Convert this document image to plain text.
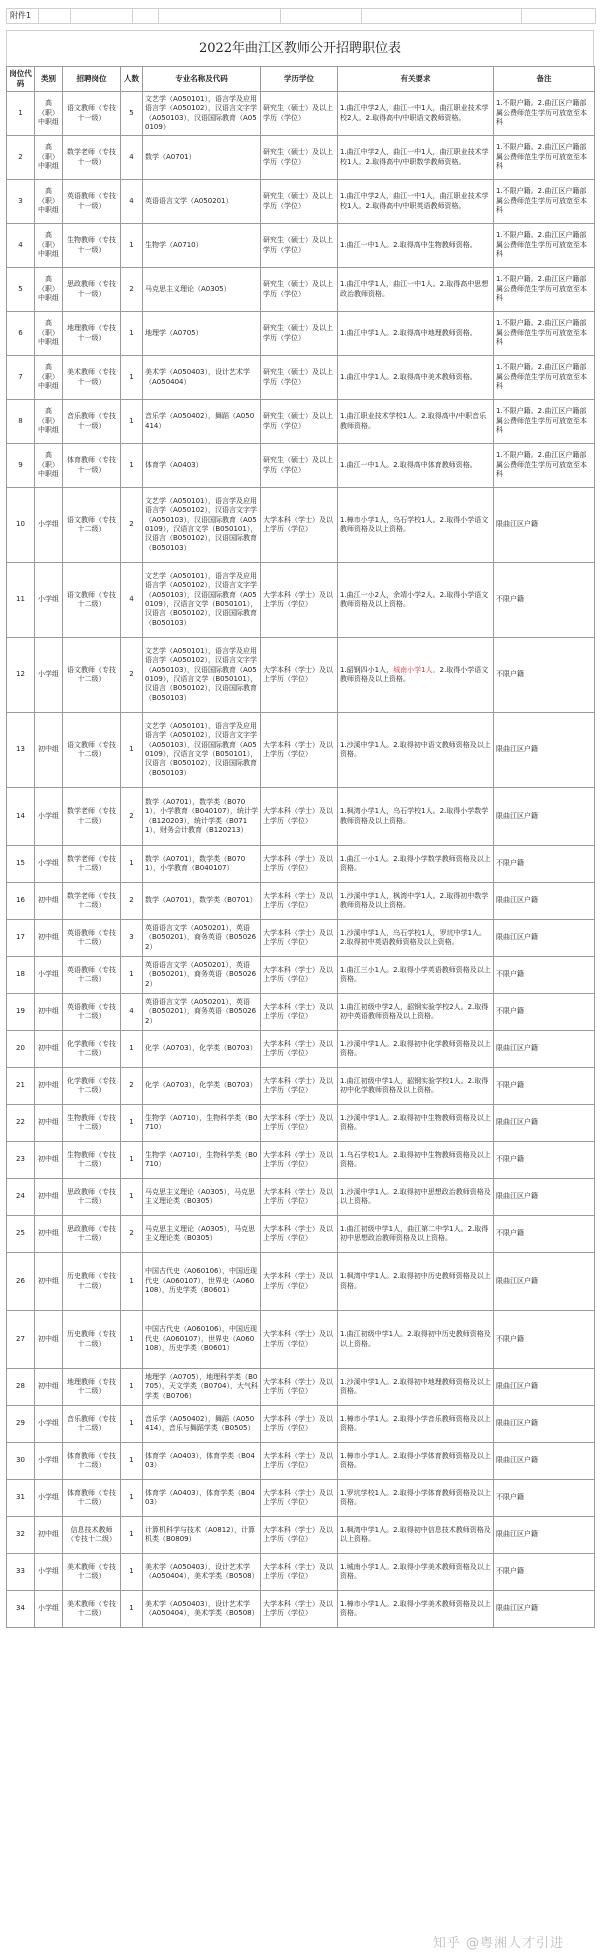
附件1
2022年曲江区教师公开招聘职位表
岗位代码	类别	招聘岗位	人数	专业名称及代码	学历学位	有关要求	备注
1	高（职）中职组	语文教师（专技十一级）	5	文艺学（A050101），语言学及应用语言学（A050102），汉语言文字学（A050103），汉语国际教育（A050109）	研究生（硕士）及以上学历（学位）	1.曲江中学2人，曲江一中1人，曲江职业技术学校2人。2.取得高中/中职语文教师资格。	1.不限户籍。2.曲江区户籍部属公费师范生学历可放宽至本科
2	高（职）中职组	数学老师（专技十一级）	4	数学（A0701）	研究生（硕士）及以上学历（学位）	1.曲江中学2人，曲江一中1人，曲江职业技术学校1人。2.取得高中/中职数学教师资格。	1.不限户籍。2.曲江区户籍部属公费师范生学历可放宽至本科
3	高（职）中职组	英语教师（专技十一级）	4	英语语言文学（A050201）	研究生（硕士）及以上学历（学位）	1.曲江中学2人，曲江一中1人，曲江职业技术学校1人。2.取得高中/中职英语教师资格。	1.不限户籍。2.曲江区户籍部属公费师范生学历可放宽至本科
4	高（职）中职组	生物教师（专技十一级）	1	生物学（A0710）	研究生（硕士）及以上学历（学位）	1.曲江一中1人。2.取得高中生物教师资格。	1.不限户籍。2.曲江区户籍部属公费师范生学历可放宽至本科
5	高（职）中职组	思政教师（专技十一级）	2	马克思主义理论（A0305）	研究生（硕士）及以上学历（学位）	1.曲江中学1人，曲江一中1人。2.取得高中思想政治教师资格。	1.不限户籍。2.曲江区户籍部属公费师范生学历可放宽至本科
6	高（职）中职组	地理教师（专技十一级）	1	地理学（A0705）	研究生（硕士）及以上学历（学位）	1.曲江中学1人。2.取得高中地理教师资格。	1.不限户籍。2.曲江区户籍部属公费师范生学历可放宽至本科
7	高（职）中职组	美术教师（专技十一级）	1	美术学（A050403），设计艺术学（A050404）	研究生（硕士）及以上学历（学位）	1.曲江中学1人。2.取得高中美术教师资格。	1.不限户籍。2.曲江区户籍部属公费师范生学历可放宽至本科
8	高（职）中职组	音乐教师（专技十一级）	1	音乐学（A050402），舞蹈（A050414）	研究生（硕士）及以上学历（学位）	1.曲江职业技术学校1人。2.取得高中/中职音乐教师资格。	1.不限户籍。2.曲江区户籍部属公费师范生学历可放宽至本科
9	高（职）中职组	体育教师（专技十一级）	1	体育学（A0403）	研究生（硕士）及以上学历（学位）	1.曲江一中1人。2.取得高中体育教师资格。	1.不限户籍。2.曲江区户籍部属公费师范生学历可放宽至本科
10	小学组	语文教师（专技十二级）	2	文艺学（A050101），语言学及应用语言学（A050102），汉语言文字学（A050103），汉语国际教育（A050109），汉语言文学（B050101），汉语言（B050102），汉语国际教育（B050103）	大学本科（学士）及以上学历（学位）	1.樟市小学1人，乌石学校1人。2.取得小学语文教师资格及以上资格。	限曲江区户籍
11	小学组	语文教师（专技十二级）	4	文艺学（A050101），语言学及应用语言学（A050102），汉语言文字学（A050103），汉语国际教育（A050109），汉语言文学（B050101），汉语言（B050102），汉语国际教育（B050103）	大学本科（学士）及以上学历（学位）	1.曲江一小2人，余靖小学2人。2.取得小学语文教师资格及以上资格。	不限户籍
12	小学组	语文教师（专技十二级）	2	文艺学（A050101），语言学及应用语言学（A050102），汉语言文字学（A050103），汉语国际教育（A050109），汉语言文学（B050101），汉语言（B050102），汉语国际教育（B050103）	大学本科（学士）及以上学历（学位）	1.韶钢四小1人，城南小学1人。2.取得小学语文教师资格及以上资格。	不限户籍
13	初中组	语文教师（专技十二级）	1	文艺学（A050101），语言学及应用语言学（A050102），汉语言文字学（A050103），汉语国际教育（A050109），汉语言文学（B050101），汉语言（B050102），汉语国际教育（B050103）	大学本科（学士）及以上学历（学位）	1.沙溪中学1人。2.取得初中语文教师资格及以上资格。	限曲江区户籍
14	小学组	数学老师（专技十二级）	2	数学（A0701），数学类（B0701），小学教育（B040107），统计学（B120203），统计学类（B0711），财务会计教育（B120213）	大学本科（学士）及以上学历（学位）	1.枫湾小学1人，乌石学校1人。2.取得小学数学教师资格及以上资格。	限曲江区户籍
15	小学组	数学老师（专技十二级）	1	数学（A0701），数学类（B0701），小学教育（B040107）	大学本科（学士）及以上学历（学位）	1.曲江一小1人。2.取得小学数学教师资格及以上资格。	不限户籍
16	初中组	数学老师（专技十二级）	2	数学（A0701），数学类（B0701）	大学本科（学士）及以上学历（学位）	1.沙溪中学1人，枫湾中学1人。2.取得初中数学教师资格及以上资格。	限曲江区户籍
17	初中组	英语教师（专技十二级）	3	英语语言文学（A050201），英语（B050201），商务英语（B050262）	大学本科（学士）及以上学历（学位）	1.沙溪中学1人，乌石学校1人，罗坑中学1人。2.取得初中英语教师资格及以上资格。	限曲江区户籍
18	小学组	英语教师（专技十二级）	1	英语语言文学（A050201），英语（B050201），商务英语（B050262）	大学本科（学士）及以上学历（学位）	1.曲江三小1人。2.取得小学英语教师资格及以上资格。	不限户籍
19	初中组	英语教师（专技十二级）	4	英语语言文学（A050201），英语（B050201），商务英语（B050262）	大学本科（学士）及以上学历（学位）	1.曲江初级中学2人，韶钢实验学校2人。2.取得初中英语教师资格及以上资格。	不限户籍
20	初中组	化学教师（专技十二级）	1	化学（A0703），化学类（B0703）	大学本科（学士）及以上学历（学位）	1.沙溪中学1人。2.取得初中化学教师资格及以上资格。	限曲江区户籍
21	初中组	化学教师（专技十二级）	2	化学（A0703），化学类（B0703）	大学本科（学士）及以上学历（学位）	1.曲江初级中学1人，韶钢实验学校1人。2.取得初中化学教师资格及以上资格。	不限户籍
22	初中组	生物教师（专技十二级）	1	生物学（A0710），生物科学类（B0710）	大学本科（学士）及以上学历（学位）	1.沙溪中学1人。2.取得初中生物教师资格及以上资格。	限曲江区户籍
23	初中组	生物教师（专技十二级）	1	生物学（A0710），生物科学类（B0710）	大学本科（学士）及以上学历（学位）	1.乌石学校1人。2.取得初中生物教师资格及以上资格。	不限户籍
24	初中组	思政教师（专技十二级）	1	马克思主义理论（A0305），马克思主义理论类（B0305）	大学本科（学士）及以上学历（学位）	1.沙溪中学1人。2.取得初中思想政治教师资格及以上资格。	限曲江区户籍
25	初中组	思政教师（专技十二级）	2	马克思主义理论（A0305），马克思主义理论类（B0305）	大学本科（学士）及以上学历（学位）	1.曲江初级中学1人，曲江第二中学1人。2.取得初中思想政治教师资格及以上资格。	不限户籍
26	初中组	历史教师（专技十二级）	1	中国古代史（A060106），中国近现代史（A060107），世界史（A060108），历史学类（B0601）	大学本科（学士）及以上学历（学位）	1.枫湾中学1人。2.取得初中历史教师资格及以上资格。	限曲江区户籍
27	初中组	历史教师（专技十二级）	1	中国古代史（A060106），中国近现代史（A060107），世界史（A060108），历史学类（B0601）	大学本科（学士）及以上学历（学位）	1.曲江初级中学1人。2.取得初中历史教师资格及以上资格。	不限户籍
28	初中组	地理教师（专技十二级）	1	地理学（A0705），地理科学类（B0705），天文学类（B0704），大气科学类（B0706）	大学本科（学士）及以上学历（学位）	1.沙溪中学1人。2.取得初中地理教师资格及以上资格。	限曲江区户籍
29	小学组	音乐教师（专技十二级）	1	音乐学（A050402），舞蹈（A050414），音乐与舞蹈学类（B0505）	大学本科（学士）及以上学历（学位）	1.樟市小学1人。2.取得小学音乐教师资格及以上资格。	限曲江区户籍
30	小学组	体育教师（专技十二级）	1	体育学（A0403），体育学类（B0403）	大学本科（学士）及以上学历（学位）	1.樟市小学1人。2.取得小学体育教师资格及以上资格。	限曲江区户籍
31	小学组	体育教师（专技十二级）	1	体育学（A0403），体育学类（B0403）	大学本科（学士）及以上学历（学位）	1.罗坑学校1人。2.取得小学体育教师资格及以上资格。	不限户籍
32	初中组	信息技术教师（专技十二级）	1	计算机科学与技术（A0812），计算机类（B0809）	大学本科（学士）及以上学历（学位）	1.枫湾中学1人。2.取得初中信息技术教师资格及以上资格。	限曲江区户籍
33	小学组	美术教师（专技十二级）	1	美术学（A050403），设计艺术学（A050404），美术学类（B0508）	大学本科（学士）及以上学历（学位）	1.城南小学1人。2.取得小学美术教师资格及以上资格。	不限户籍
34	小学组	美术教师（专技十二级）	1	美术学（A050403），设计艺术学（A050404），美术学类（B0508）	大学本科（学士）及以上学历（学位）	1.樟市小学1人。2.取得小学美术教师资格及以上资格。	限曲江区户籍
知乎 @粤湘人才引进
